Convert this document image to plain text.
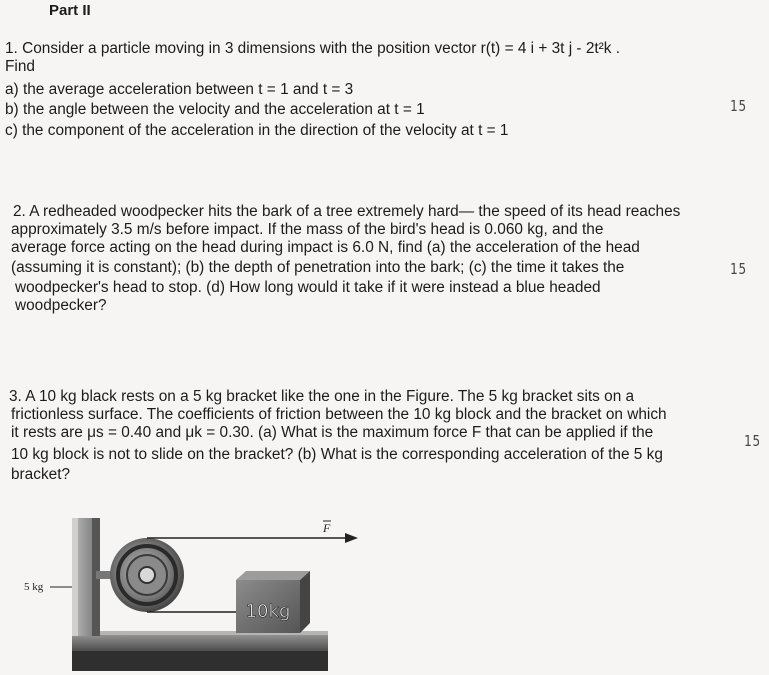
Part II
1. Consider a particle moving in 3 dimensions with the position vector r(t) = 4 i + 3t j - 2t²k .
Find
a) the average acceleration between t = 1 and t = 3
b) the angle between the velocity and the acceleration at t = 1
c) the component of the acceleration in the direction of the velocity at t = 1
15
2. A redheaded woodpecker hits the bark of a tree extremely hard— the speed of its head reaches
approximately 3.5 m/s before impact. If the mass of the bird's head is 0.060 kg, and the
average force acting on the head during impact is 6.0 N, find (a) the acceleration of the head
(assuming it is constant); (b) the depth of penetration into the bark; (c) the time it takes the
woodpecker's head to stop. (d) How long would it take if it were instead a blue headed
woodpecker?
15
3. A 10 kg black rests on a 5 kg bracket like the one in the Figure. The 5 kg bracket sits on a
frictionless surface. The coefficients of friction between the 10 kg block and the bracket on which
it rests are μs = 0.40 and μk = 0.30. (a) What is the maximum force F that can be applied if the
10 kg block is not to slide on the bracket? (b) What is the corresponding acceleration of the 5 kg
bracket?
15
F
10kg
5 kg
